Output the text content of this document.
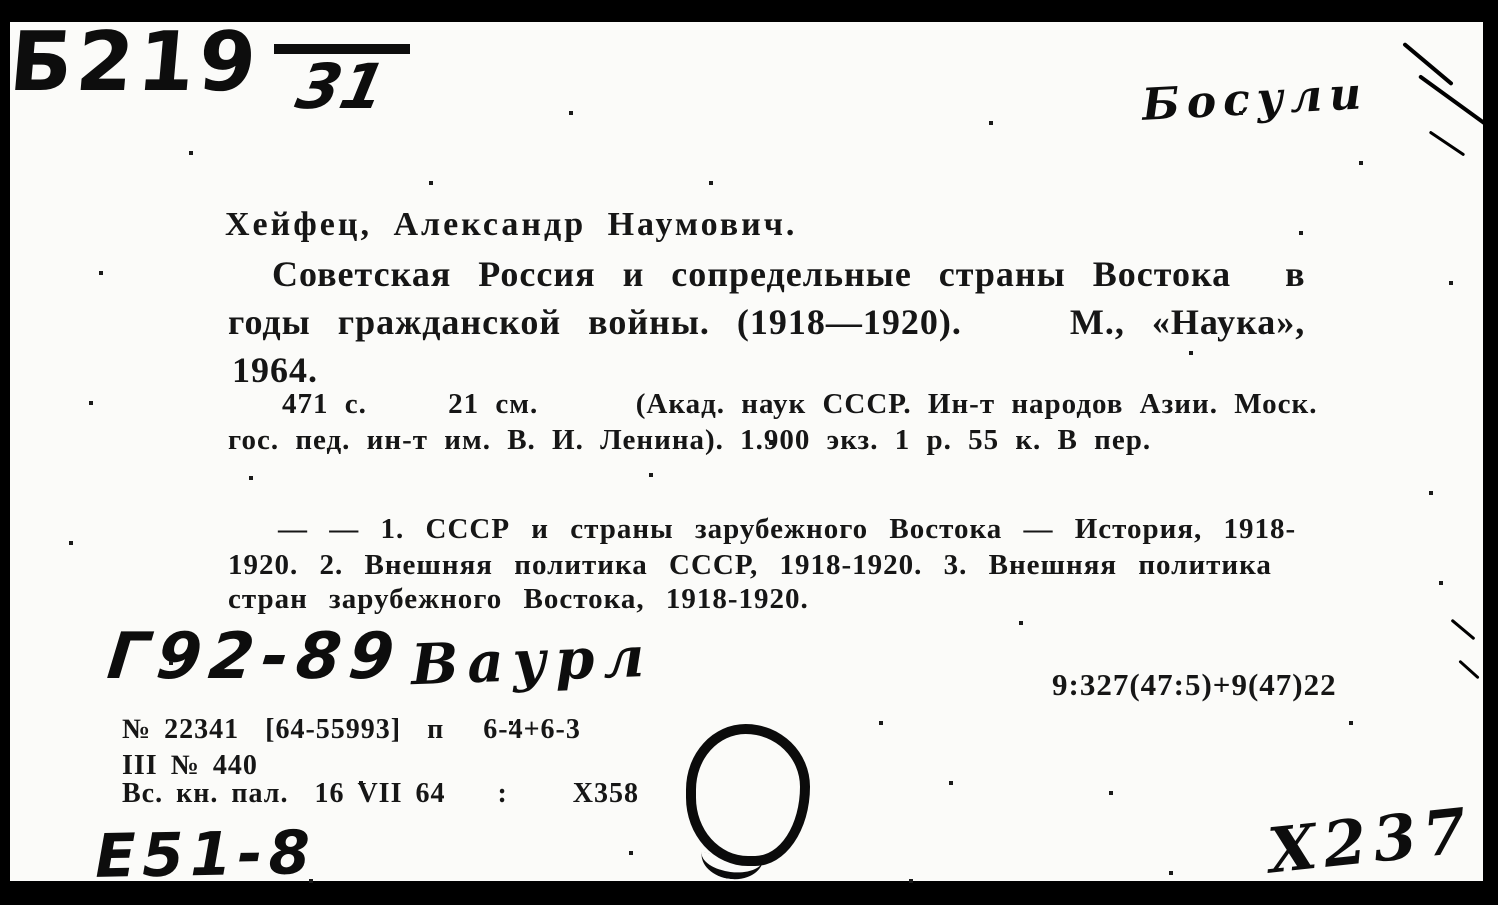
Б219 31	Босули
Хейфец, Александр Наумович.
Советская Россия и сопредельные страны Востока  в
годы гражданской войны. (1918—1920).    М., «Наука»,
1964.
471 с.     21 см.      (Акад. наук СССР. Ин-т народов Азии. Моск.
гос. пед. ин-т им. В. И. Ленина). 1.900 экз. 1 р. 55 к. В пер.
— — 1. СССР и страны зарубежного Востока — История, 1918-
1920. 2. Внешняя политика СССР, 1918-1920. 3. Внешняя политика
стран зарубежного Востока, 1918-1920.
Г92-89 Ваурл	9:327(47:5)+9(47)22
№ 22341  [64-55993]  п   6-4+6-3
III № 440
Вс. кн. пал.  16 VII 64    :     Х358
Е51-8	Х237
